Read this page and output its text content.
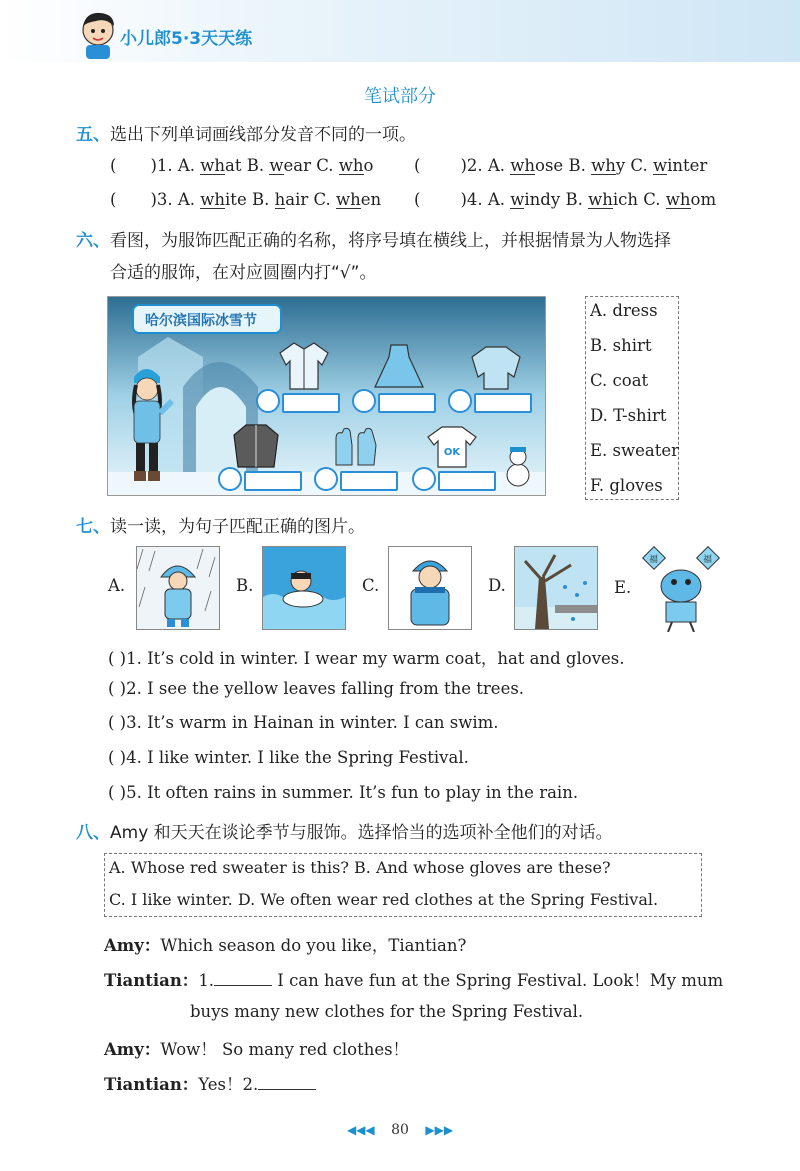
小儿郎5·3天天练
笔试部分
五、选出下列单词画线部分发音不同的一项。
( )1. A. what B. wear C. who ( )2. A. whose B. why C. winter
( )3. A. white B. hair C. when ( )4. A. windy B. which C. whom
六、看图，为服饰匹配正确的名称，将序号填在横线上，并根据情景为人物选择
合适的服饰，在对应圆圈内打“√”。
哈尔滨国际冰雪节
OK
A. dress
B. shirt
C. coat
D. T-shirt
E. sweater
F. gloves
七、读一读，为句子匹配正确的图片。
A.	B.	C.	D.	E.
福	福
( )1. It’s cold in winter. I wear my warm coat，hat and gloves.
( )2. I see the yellow leaves falling from the trees.
( )3. It’s warm in Hainan in winter. I can swim.
( )4. I like winter. I like the Spring Festival.
( )5. It often rains in summer. It’s fun to play in the rain.
八、Amy 和天天在谈论季节与服饰。选择恰当的选项补全他们的对话。
A. Whose red sweater is this? B. And whose gloves are these?
C. I like winter. D. We often wear red clothes at the Spring Festival.
Amy：Which season do you like，Tiantian?
Tiantian：1.	I can have fun at the Spring Festival. Look！My mum
buys many new clothes for the Spring Festival.
Amy：Wow！ So many red clothes！
Tiantian：Yes！2.
◀◀◀ 80 ▶▶▶
